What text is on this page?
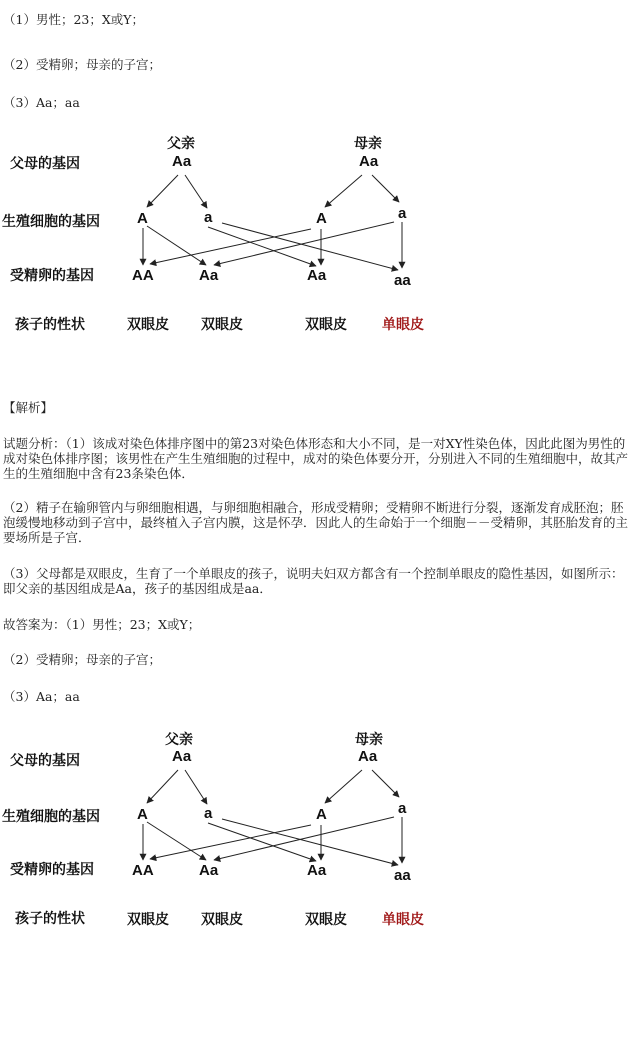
（1）男性；23；X或Y；
（2）受精卵；母亲的子宫；
（3）Aa；aa
父亲
Aa
母亲
Aa
父母的基因
生殖细胞的基因
受精卵的基因
孩子的性状
A	a	A	a
AA	Aa	Aa	aa
双眼皮 双眼皮	双眼皮	单眼皮
【解析】
试题分析：（1）该成对染色体排序图中的第23对染色体形态和大小不同，是一对XY性染色体，因此此图为男性的成对染色体排序图；该男性在产生生殖细胞的过程中，成对的染色体要分开，分别进入不同的生殖细胞中，故其产生的生殖细胞中含有23条染色体．
（2）精子在输卵管内与卵细胞相遇，与卵细胞相融合，形成受精卵；受精卵不断进行分裂，逐渐发育成胚泡；胚泡缓慢地移动到子宫中，最终植入子宫内膜，这是怀孕．因此人的生命始于一个细胞－－受精卵，其胚胎发育的主要场所是子宫．
（3）父母都是双眼皮，生育了一个单眼皮的孩子，说明夫妇双方都含有一个控制单眼皮的隐性基因，如图所示：即父亲的基因组成是Aa，孩子的基因组成是aa．
故答案为：（1）男性；23；X或Y；
（2）受精卵；母亲的子宫；
（3）Aa；aa
父亲
Aa
母亲
Aa
父母的基因
生殖细胞的基因
受精卵的基因
孩子的性状
A	a	A	a
AA	Aa	Aa	aa
双眼皮 双眼皮	双眼皮	单眼皮
